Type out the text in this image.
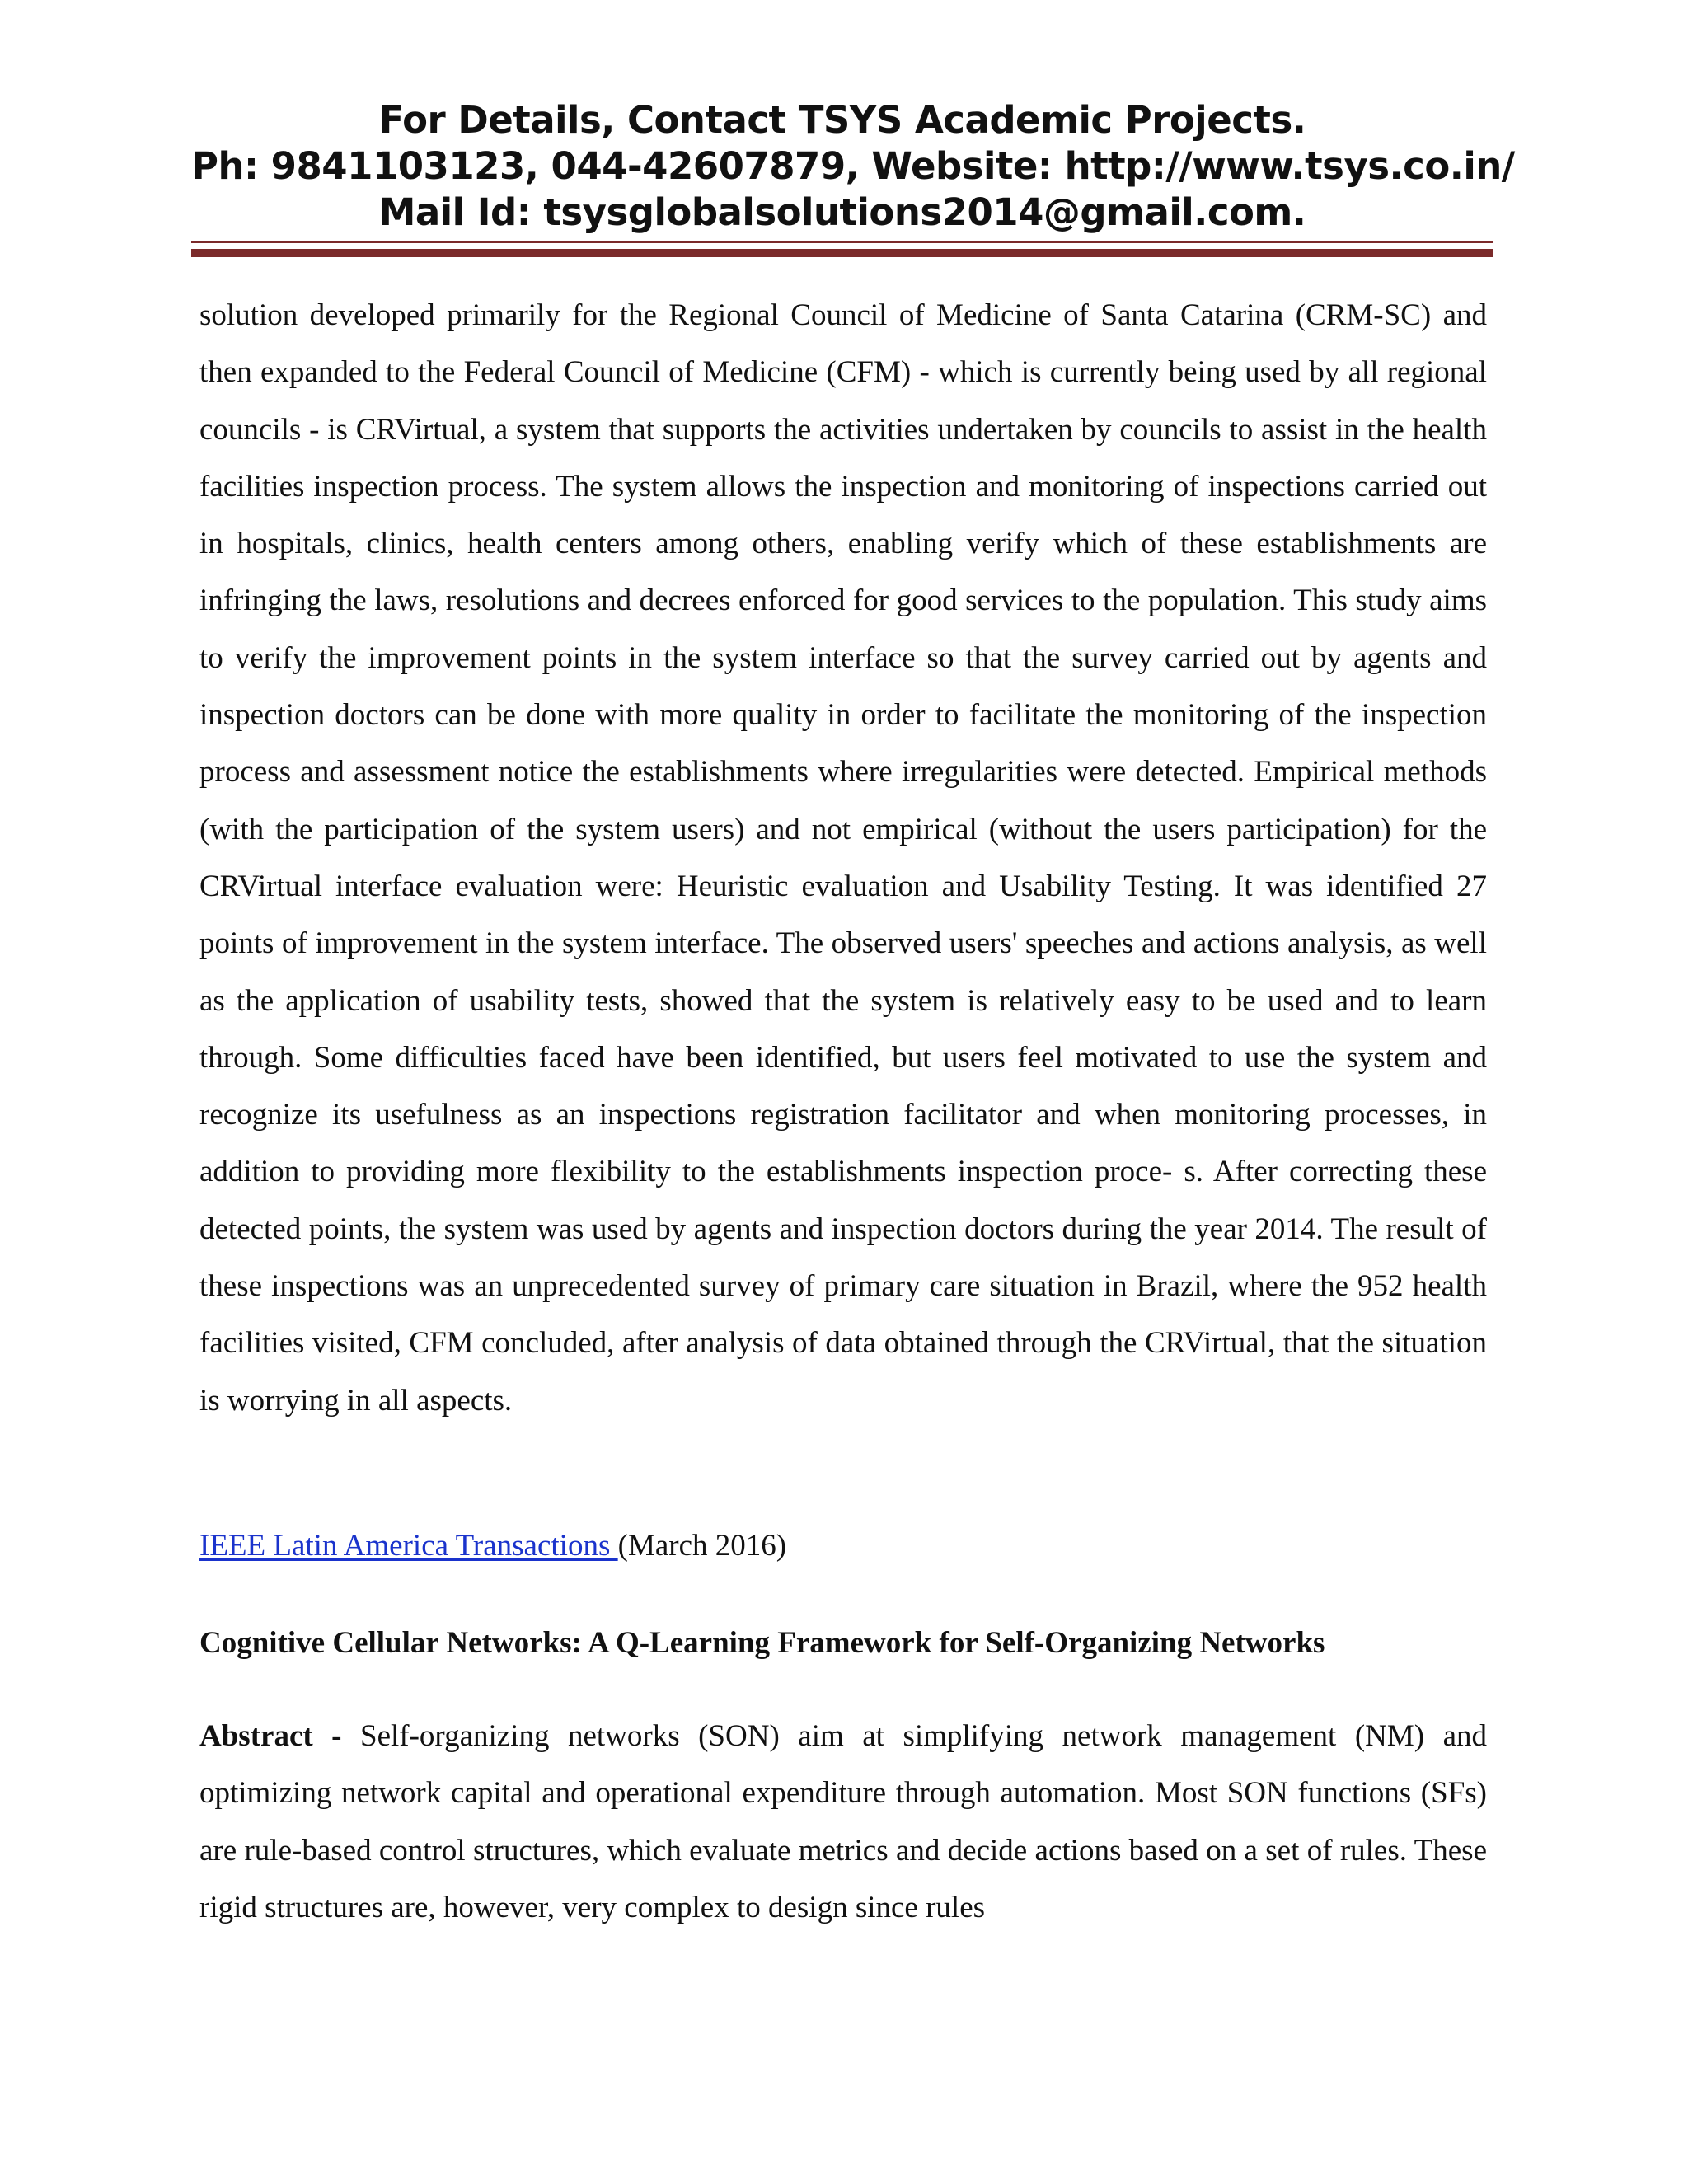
For Details, Contact TSYS Academic Projects.
Ph: 9841103123, 044-42607879, Website: http://www.tsys.co.in/
Mail Id: tsysglobalsolutions2014@gmail.com.
solution developed primarily for the Regional Council of Medicine of Santa Catarina (CRM-SC) and then expanded to the Federal Council of Medicine (CFM) - which is currently being used by all regional councils - is CRVirtual, a system that supports the activities undertaken by councils to assist in the health facilities inspection process. The system allows the inspection and monitoring of inspections carried out in hospitals, clinics, health centers among others, enabling verify which of these establishments are infringing the laws, resolutions and decrees enforced for good services to the population. This study aims to verify the improvement points in the system interface so that the survey carried out by agents and inspection doctors can be done with more quality in order to facilitate the monitoring of the inspection process and assessment notice the establishments where irregularities were detected. Empirical methods (with the participation of the system users) and not empirical (without the users participation) for the CRVirtual interface evaluation were: Heuristic evaluation and Usability Testing. It was identified 27 points of improvement in the system interface. The observed users' speeches and actions analysis, as well as the application of usability tests, showed that the system is relatively easy to be used and to learn through. Some difficulties faced have been identified, but users feel motivated to use the system and recognize its usefulness as an inspections registration facilitator and when monitoring processes, in addition to providing more flexibility to the establishments inspection proce- s. After correcting these detected points, the system was used by agents and inspection doctors during the year 2014. The result of these inspections was an unprecedented survey of primary care situation in Brazil, where the 952 health facilities visited, CFM concluded, after analysis of data obtained through the CRVirtual, that the situation is worrying in all aspects.
IEEE Latin America Transactions (March 2016)
Cognitive Cellular Networks: A Q-Learning Framework for Self-Organizing Networks
Abstract - Self-organizing networks (SON) aim at simplifying network management (NM) and optimizing network capital and operational expenditure through automation. Most SON functions (SFs) are rule-based control structures, which evaluate metrics and decide actions based on a set of rules. These rigid structures are, however, very complex to design since rules
